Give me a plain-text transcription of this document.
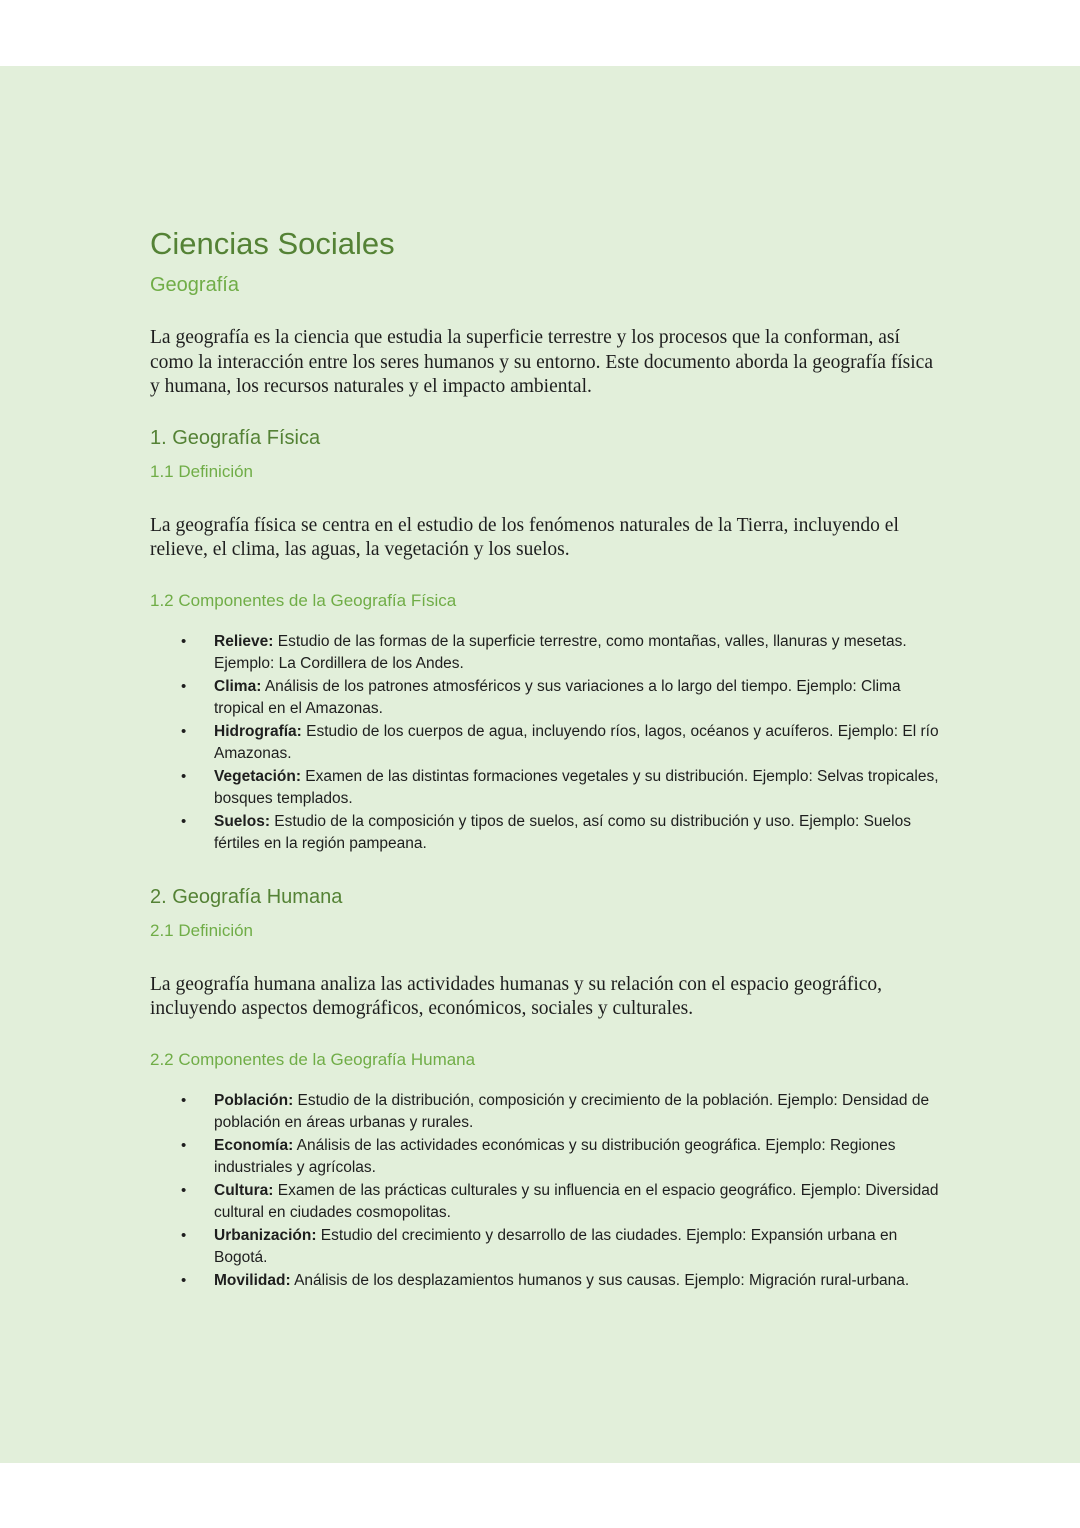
Ciencias Sociales
Geografía

La geografía es la ciencia que estudia la superficie terrestre y los procesos que la conforman, así como la interacción entre los seres humanos y su entorno. Este documento aborda la geografía física y humana, los recursos naturales y el impacto ambiental.

1. Geografía Física
1.1 Definición

La geografía física se centra en el estudio de los fenómenos naturales de la Tierra, incluyendo el relieve, el clima, las aguas, la vegetación y los suelos.

1.2 Componentes de la Geografía Física
• Relieve: Estudio de las formas de la superficie terrestre, como montañas, valles, llanuras y mesetas. Ejemplo: La Cordillera de los Andes.
• Clima: Análisis de los patrones atmosféricos y sus variaciones a lo largo del tiempo. Ejemplo: Clima tropical en el Amazonas.
• Hidrografía: Estudio de los cuerpos de agua, incluyendo ríos, lagos, océanos y acuíferos. Ejemplo: El río Amazonas.
• Vegetación: Examen de las distintas formaciones vegetales y su distribución. Ejemplo: Selvas tropicales, bosques templados.
• Suelos: Estudio de la composición y tipos de suelos, así como su distribución y uso. Ejemplo: Suelos fértiles en la región pampeana.
2. Geografía Humana
2.1 Definición

La geografía humana analiza las actividades humanas y su relación con el espacio geográfico, incluyendo aspectos demográficos, económicos, sociales y culturales.

2.2 Componentes de la Geografía Humana
• Población: Estudio de la distribución, composición y crecimiento de la población. Ejemplo: Densidad de población en áreas urbanas y rurales.
• Economía: Análisis de las actividades económicas y su distribución geográfica. Ejemplo: Regiones industriales y agrícolas.
• Cultura: Examen de las prácticas culturales y su influencia en el espacio geográfico. Ejemplo: Diversidad cultural en ciudades cosmopolitas.
• Urbanización: Estudio del crecimiento y desarrollo de las ciudades. Ejemplo: Expansión urbana en Bogotá.
• Movilidad: Análisis de los desplazamientos humanos y sus causas. Ejemplo: Migración rural-urbana.
